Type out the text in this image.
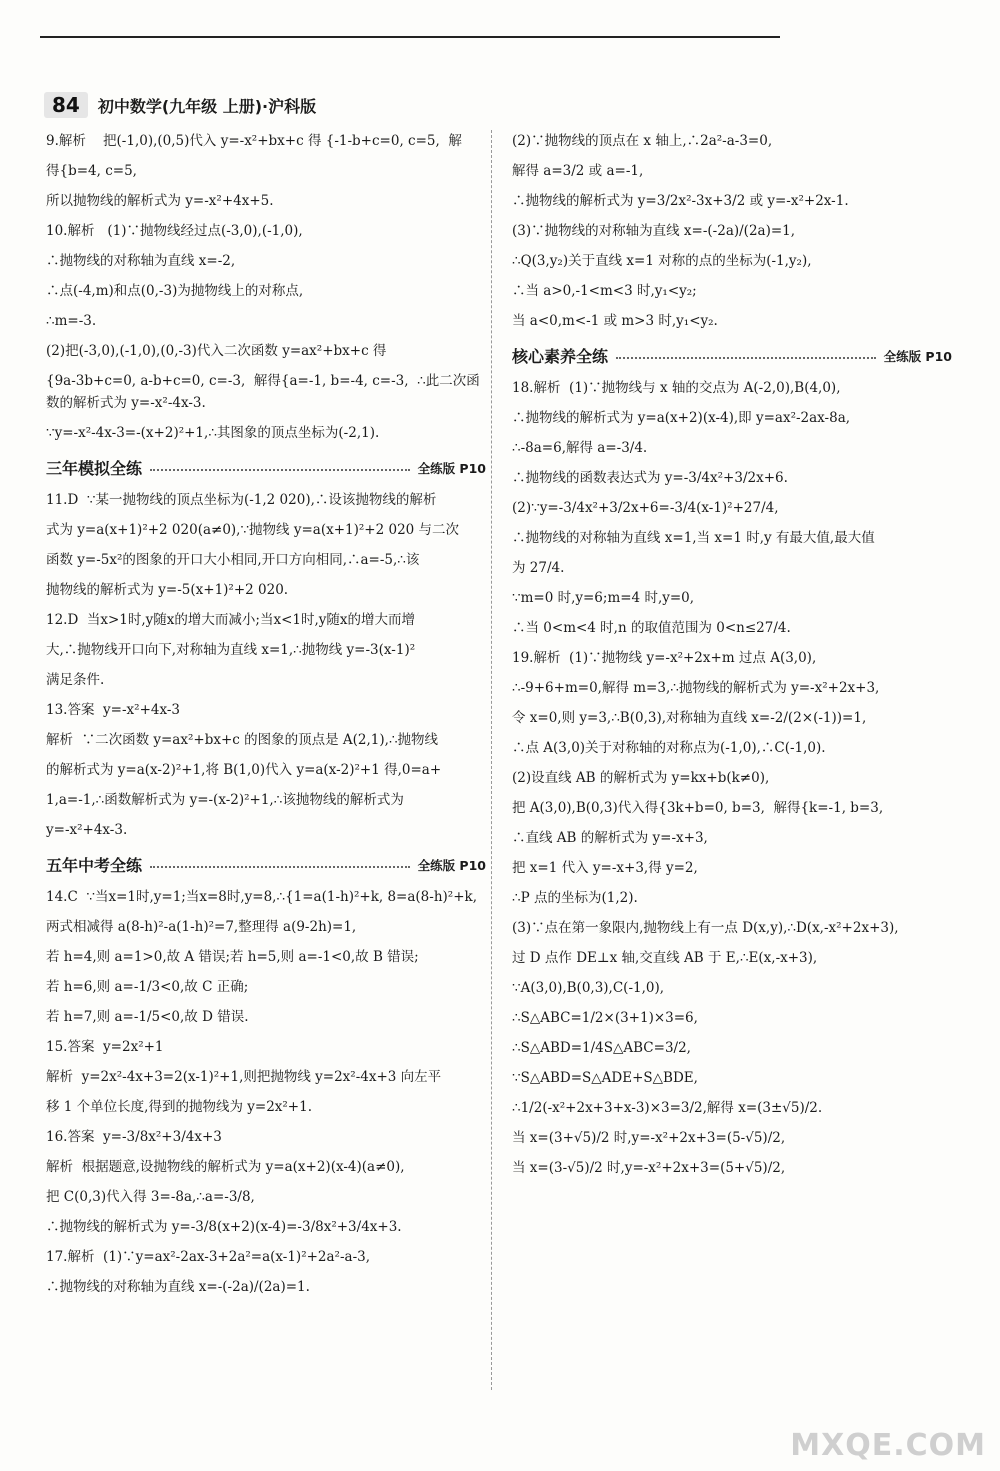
84	初中数学(九年级 上册)·沪科版
9.解析    把(-1,0),(0,5)代入 y=-x²+bx+c 得 {-1-b+c=0, c=5,  解
得{b=4, c=5,
所以抛物线的解析式为 y=-x²+4x+5.
10.解析   (1)∵抛物线经过点(-3,0),(-1,0),
∴抛物线的对称轴为直线 x=-2,
∴点(-4,m)和点(0,-3)为抛物线上的对称点,
∴m=-3.
(2)把(-3,0),(-1,0),(0,-3)代入二次函数 y=ax²+bx+c 得
{9a-3b+c=0, a-b+c=0, c=-3,  解得{a=-1, b=-4, c=-3,  ∴此二次函数的解析式为 y=-x²-4x-3.
∵y=-x²-4x-3=-(x+2)²+1,∴其图象的顶点坐标为(-2,1).
三年模拟全练	全练版 P10
11.D  ∵某一抛物线的顶点坐标为(-1,2 020),∴设该抛物线的解析
式为 y=a(x+1)²+2 020(a≠0),∵抛物线 y=a(x+1)²+2 020 与二次
函数 y=-5x²的图象的开口大小相同,开口方向相同,∴a=-5,∴该
抛物线的解析式为 y=-5(x+1)²+2 020.
12.D  当x>1时,y随x的增大而减小;当x<1时,y随x的增大而增
大,∴抛物线开口向下,对称轴为直线 x=1,∴抛物线 y=-3(x-1)²
满足条件.
13.答案  y=-x²+4x-3
解析  ∵二次函数 y=ax²+bx+c 的图象的顶点是 A(2,1),∴抛物线
的解析式为 y=a(x-2)²+1,将 B(1,0)代入 y=a(x-2)²+1 得,0=a+
1,a=-1,∴函数解析式为 y=-(x-2)²+1,∴该抛物线的解析式为
y=-x²+4x-3.
五年中考全练	全练版 P10
14.C  ∵当x=1时,y=1;当x=8时,y=8,∴{1=a(1-h)²+k, 8=a(8-h)²+k,
两式相减得 a(8-h)²-a(1-h)²=7,整理得 a(9-2h)=1,
若 h=4,则 a=1>0,故 A 错误;若 h=5,则 a=-1<0,故 B 错误;
若 h=6,则 a=-1/3<0,故 C 正确;
若 h=7,则 a=-1/5<0,故 D 错误.
15.答案  y=2x²+1
解析  y=2x²-4x+3=2(x-1)²+1,则把抛物线 y=2x²-4x+3 向左平
移 1 个单位长度,得到的抛物线为 y=2x²+1.
16.答案  y=-3/8x²+3/4x+3
解析  根据题意,设抛物线的解析式为 y=a(x+2)(x-4)(a≠0),
把 C(0,3)代入得 3=-8a,∴a=-3/8,
∴抛物线的解析式为 y=-3/8(x+2)(x-4)=-3/8x²+3/4x+3.
17.解析  (1)∵y=ax²-2ax-3+2a²=a(x-1)²+2a²-a-3,
∴抛物线的对称轴为直线 x=-(-2a)/(2a)=1.
(2)∵抛物线的顶点在 x 轴上,∴2a²-a-3=0,
解得 a=3/2 或 a=-1,
∴抛物线的解析式为 y=3/2x²-3x+3/2 或 y=-x²+2x-1.
(3)∵抛物线的对称轴为直线 x=-(-2a)/(2a)=1,
∴Q(3,y₂)关于直线 x=1 对称的点的坐标为(-1,y₂),
∴当 a>0,-1<m<3 时,y₁<y₂;
当 a<0,m<-1 或 m>3 时,y₁<y₂.
核心素养全练	全练版 P10
18.解析  (1)∵抛物线与 x 轴的交点为 A(-2,0),B(4,0),
∴抛物线的解析式为 y=a(x+2)(x-4),即 y=ax²-2ax-8a,
∴-8a=6,解得 a=-3/4.
∴抛物线的函数表达式为 y=-3/4x²+3/2x+6.
(2)∵y=-3/4x²+3/2x+6=-3/4(x-1)²+27/4,
∴抛物线的对称轴为直线 x=1,当 x=1 时,y 有最大值,最大值
为 27/4.
∵m=0 时,y=6;m=4 时,y=0,
∴当 0<m<4 时,n 的取值范围为 0<n≤27/4.
19.解析  (1)∵抛物线 y=-x²+2x+m 过点 A(3,0),
∴-9+6+m=0,解得 m=3,∴抛物线的解析式为 y=-x²+2x+3,
令 x=0,则 y=3,∴B(0,3),对称轴为直线 x=-2/(2×(-1))=1,
∴点 A(3,0)关于对称轴的对称点为(-1,0),∴C(-1,0).
(2)设直线 AB 的解析式为 y=kx+b(k≠0),
把 A(3,0),B(0,3)代入得{3k+b=0, b=3,  解得{k=-1, b=3,
∴直线 AB 的解析式为 y=-x+3,
把 x=1 代入 y=-x+3,得 y=2,
∴P 点的坐标为(1,2).
(3)∵点在第一象限内,抛物线上有一点 D(x,y),∴D(x,-x²+2x+3),
过 D 点作 DE⊥x 轴,交直线 AB 于 E,∴E(x,-x+3),
∵A(3,0),B(0,3),C(-1,0),
∴S△ABC=1/2×(3+1)×3=6,
∴S△ABD=1/4S△ABC=3/2,
∵S△ABD=S△ADE+S△BDE,
∴1/2(-x²+2x+3+x-3)×3=3/2,解得 x=(3±√5)/2.
当 x=(3+√5)/2 时,y=-x²+2x+3=(5-√5)/2,
当 x=(3-√5)/2 时,y=-x²+2x+3=(5+√5)/2,
MXQE.COM
